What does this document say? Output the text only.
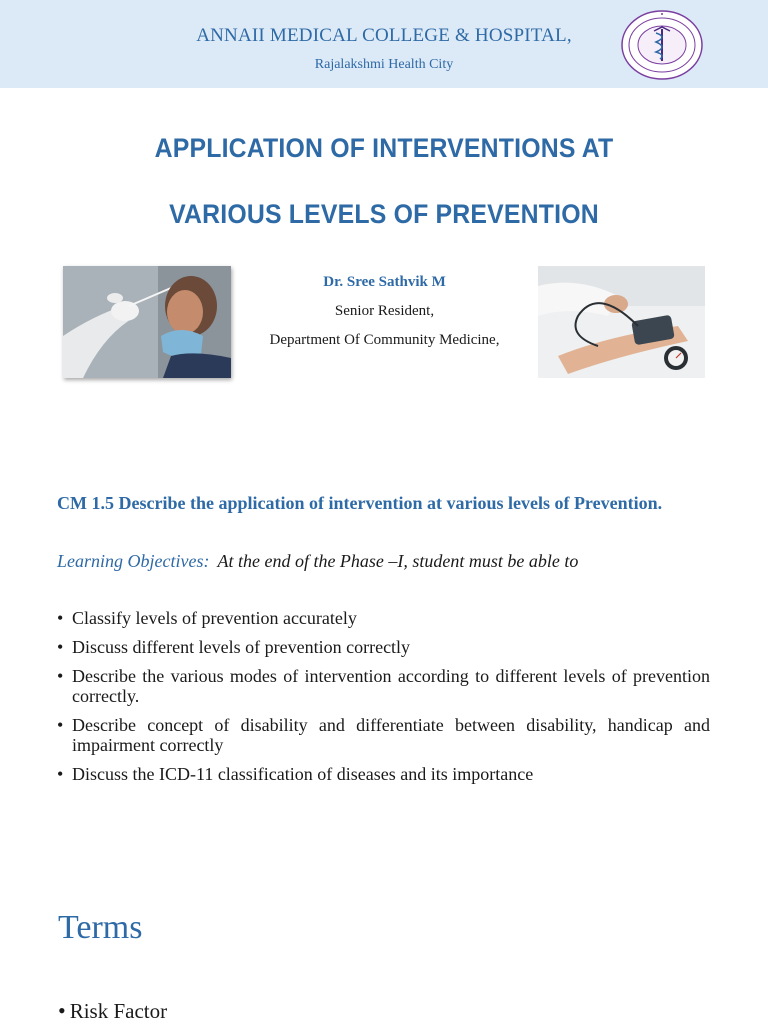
ANNAII MEDICAL COLLEGE & HOSPITAL,
Rajalakshmi Health City
APPLICATION OF INTERVENTIONS AT
VARIOUS LEVELS OF PREVENTION
Dr. Sree Sathvik M
Senior Resident,
Department Of Community Medicine,
CM 1.5 Describe the application of intervention at various levels of Prevention.
Learning Objectives: At the end of the Phase –I, student must be able to
• Classify levels of prevention accurately
• Discuss different levels of prevention correctly
• Describe the various modes of intervention according to different levels of prevention correctly.
• Describe concept of disability and differentiate between disability, handicap and impairment correctly
• Discuss the ICD-11 classification of diseases and its importance
Terms
• Risk Factor
